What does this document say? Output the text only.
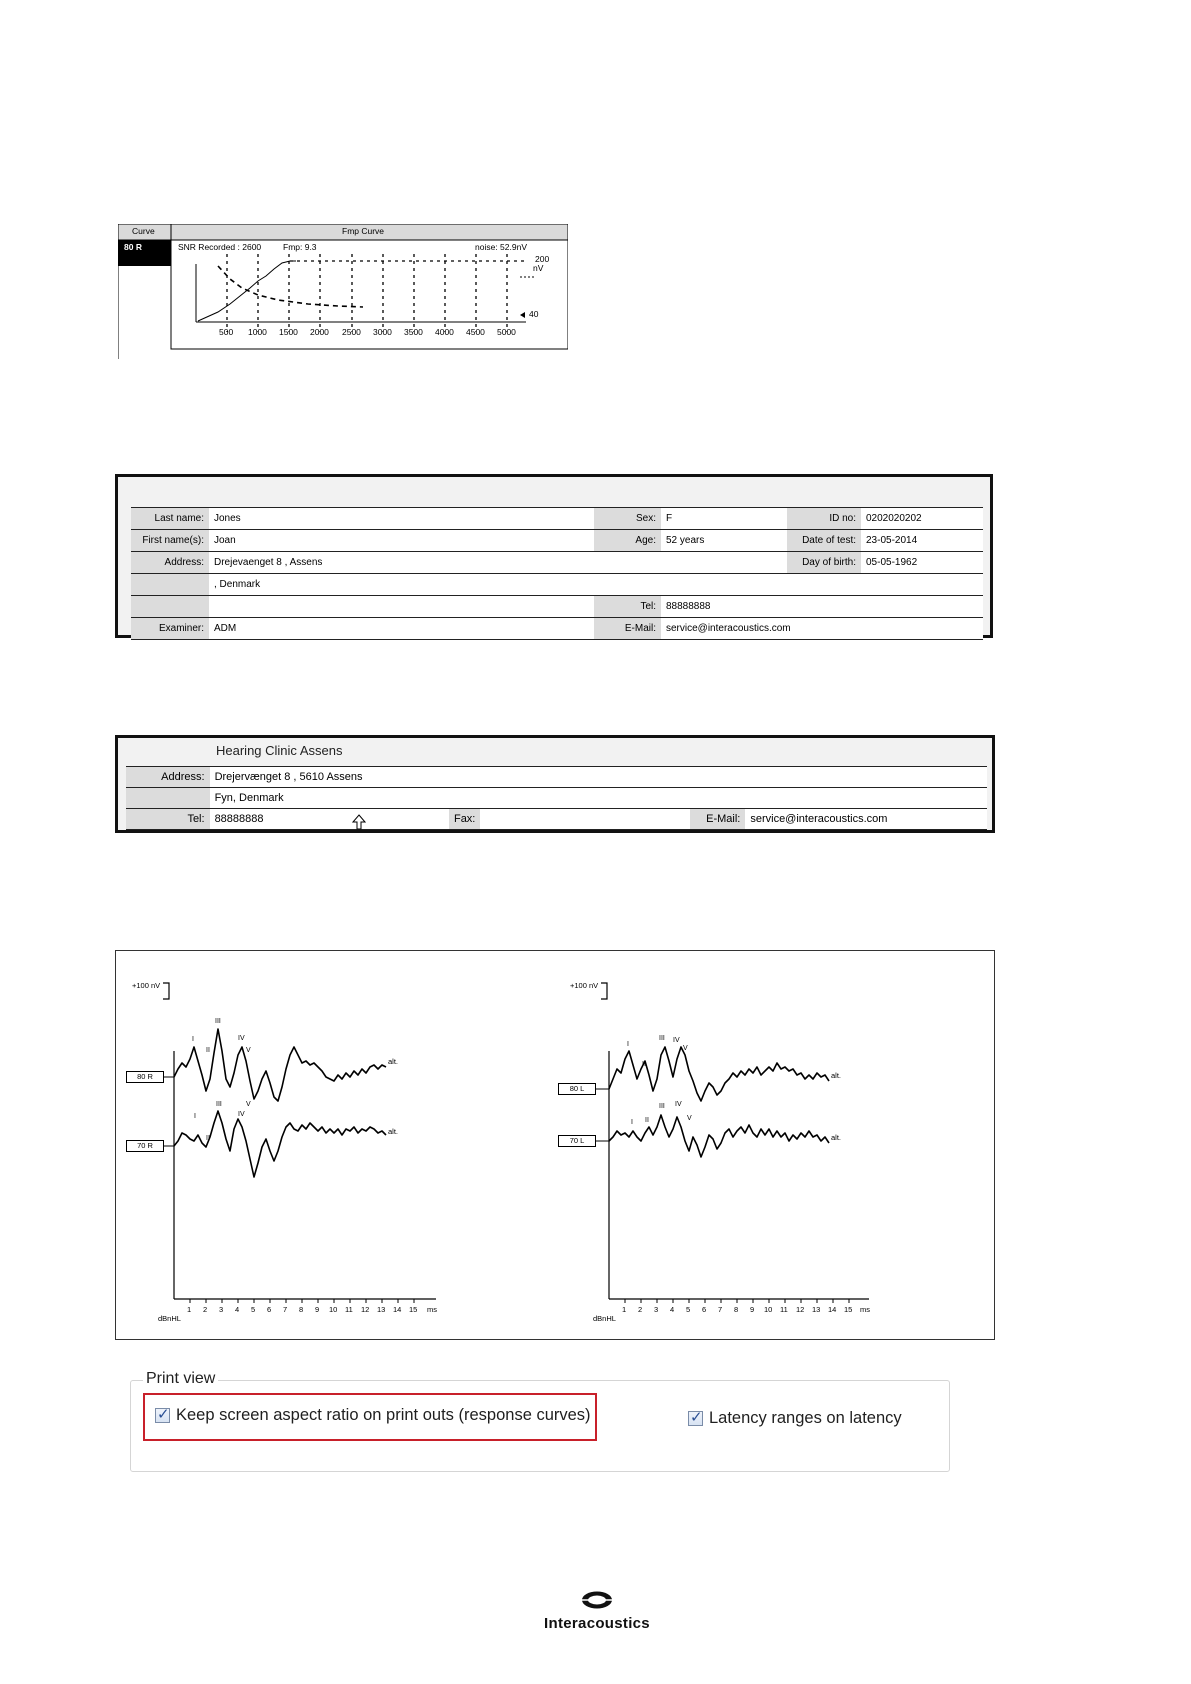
Curve	Fmp Curve
80 R	SNR Recorded : 2600	Fmp: 9.3	noise: 52.9nV
200
nV
40
500 1000 1500 2000 2500 3000 3500 4000 4500 5000
Last name:	Jones	Sex:	F	ID no:	0202020202
First name(s):	Joan	Age:	52 years	Date of test:	23-05-2014
Address:	Drejevaenget 8 , Assens			Day of birth:	05-05-1962
	, Denmark				
		Tel:	88888888		
Examiner:	ADM	E-Mail:	service@interacoustics.com		
Hearing Clinic Assens
Address:	Drejervænget 8 , 5610 Assens				
	Fyn, Denmark				
Tel:	88888888	Fax:		E-Mail:	service@interacoustics.com
+100 nV	+100 nV
80 R
70 R
80 L
70 L
alt.
alt.
alt.
alt.
I
II
III
IV
V
I
II
III
IV
V
I
II
III IV
V
I II
III IV
V
1 2 3 4 5 6 7 8 9 10 11 12 13 14 15 ms
dBnHL
1 2 3 4 5 6 7 8 9 10 11 12 13 14 15 ms
dBnHL
Print view
✓ Keep screen aspect ratio on print outs (response curves)	✓ Latency ranges on latency
Interacoustics
